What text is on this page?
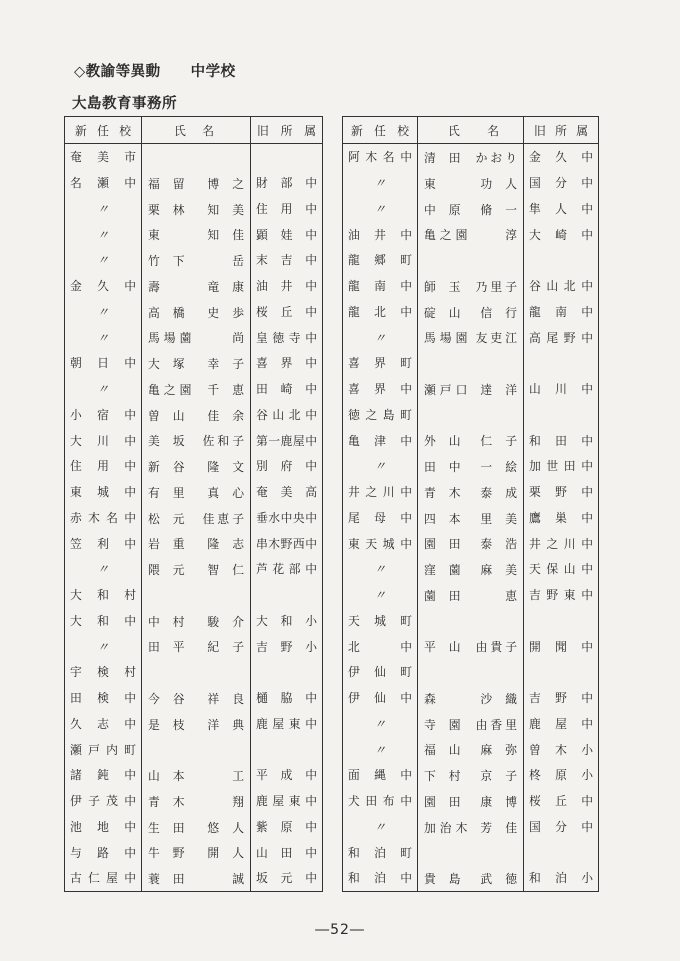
◇教諭等異動　　 中学校
大島教育事務所

新任校	氏　名	旧所属
奄美市		
名瀬中	福留 博之	財部中
〃	栗林 知美	住用中
〃	東 知佳	顕娃中
〃	竹下 岳	末吉中
金久中	壽 竜康	油井中
〃	高橋 史歩	桜丘中
〃	馬場薗 尚	皇徳寺中
朝日中	大塚 幸子	喜界中
〃	亀之園 千恵	田崎中
小宿中	曽山 佳余	谷山北中
大川中	美坂 佐和子	第一鹿屋中
住用中	新谷 隆文	別府中
東城中	有里 真心	奄美高
赤木名中	松元 佳恵子	垂水中央中
笠利中	岩重 隆志	串木野西中
〃	隈元 智仁	芦花部中
大和村		
大和中	中村 駿介	大和小
〃	田平 紀子	吉野小
宇検村		
田検中	今谷 祥良	樋脇中
久志中	是枝 洋典	鹿屋東中
瀬戸内町		
諸鈍中	山本 工	平成中
伊子茂中	青木 翔	鹿屋東中
池地中	生田 悠人	紫原中
与路中	牛野 開人	山田中
古仁屋中	蓑田 誠	坂元中
新任校	氏　名	旧所属
阿木名中	清田 かおり	金久中
〃	東 功人	国分中
〃	中原 脩一	隼人中
油井中	亀之園 淳	大崎中
龍郷町		
龍南中	師玉 乃里子	谷山北中
龍北中	碇山 信行	龍南中
〃	馬場園 友吏江	高尾野中
喜界町		
喜界中	瀬戸口 達洋	山川中
徳之島町		
亀津中	外山 仁子	和田中
〃	田中 一絵	加世田中
井之川中	青木 泰成	栗野中
尾母中	四本 里美	鷹巣中
東天城中	園田 泰浩	井之川中
〃	窪薗 麻美	天保山中
〃	薗田 恵	吉野東中
天城町		
北中	平山 由貴子	開聞中
伊仙町		
伊仙中	森 沙織	吉野中
〃	寺園 由香里	鹿屋中
〃	福山 麻弥	曽木小
面縄中	下村 京子	柊原小
犬田布中	園田 康博	桜丘中
〃	加治木 芳佳	国分中
和泊町		
和泊中	貴島 武徳	和泊小
―52―
